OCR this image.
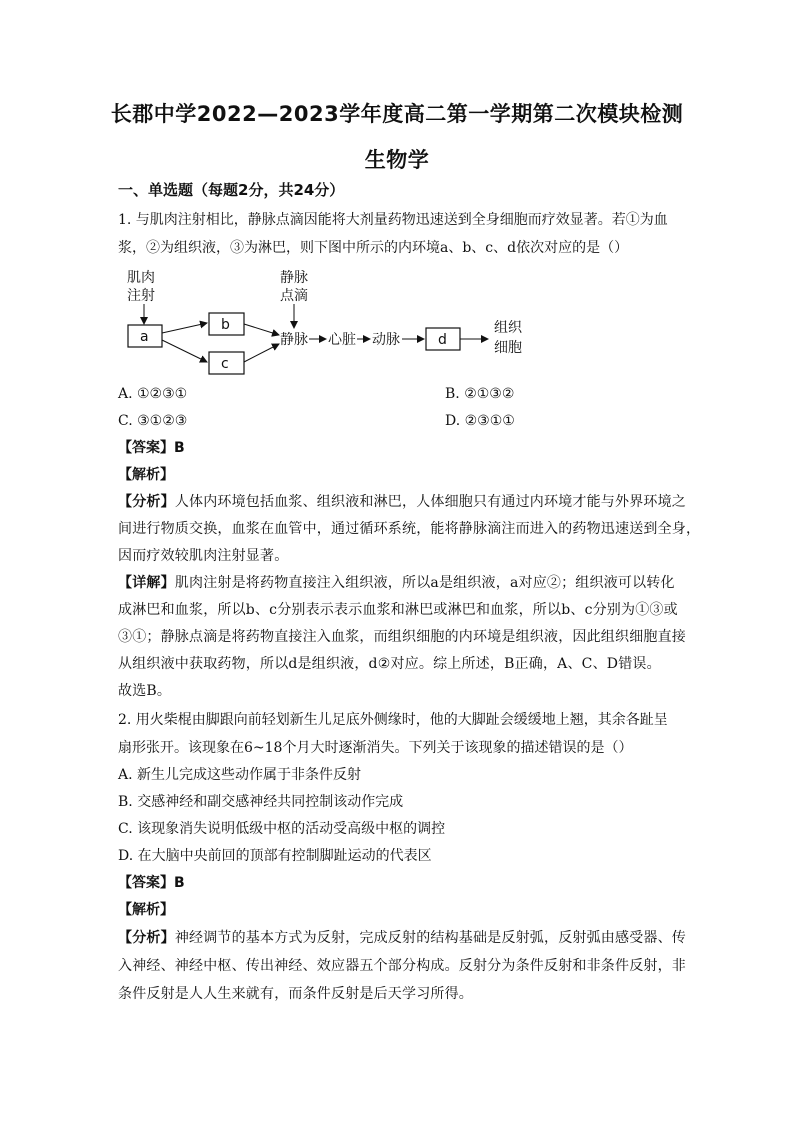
长郡中学2022—2023学年度高二第一学期第二次模块检测
生物学
一、单选题（每题2分，共24分）
1. 与肌肉注射相比，静脉点滴因能将大剂量药物迅速送到全身细胞而疗效显著。若①为血
浆，②为组织液，③为淋巴，则下图中所示的内环境a、b、c、d依次对应的是（）
肌肉
注射
静脉
点滴
a
b
c
静脉 心脏 动脉	d
组织
细胞
A. ①②③①	B. ②①③②
C. ③①②③	D. ②③①①
【答案】B
【解析】
【分析】人体内环境包括血浆、组织液和淋巴，人体细胞只有通过内环境才能与外界环境之
间进行物质交换，血浆在血管中，通过循环系统，能将静脉滴注而进入的药物迅速送到全身，
因而疗效较肌肉注射显著。
【详解】肌肉注射是将药物直接注入组织液，所以a是组织液，a对应②；组织液可以转化
成淋巴和血浆，所以b、c分别表示表示血浆和淋巴或淋巴和血浆，所以b、c分别为①③或
③①；静脉点滴是将药物直接注入血浆，而组织细胞的内环境是组织液，因此组织细胞直接
从组织液中获取药物，所以d是组织液，d②对应。综上所述，B正确，A、C、D错误。
故选B。
2. 用火柴棍由脚跟向前轻划新生儿足底外侧缘时，他的大脚趾会缓缓地上翘，其余各趾呈
扇形张开。该现象在6~18个月大时逐渐消失。下列关于该现象的描述错误的是（）
A. 新生儿完成这些动作属于非条件反射
B. 交感神经和副交感神经共同控制该动作完成
C. 该现象消失说明低级中枢的活动受高级中枢的调控
D. 在大脑中央前回的顶部有控制脚趾运动的代表区
【答案】B
【解析】
【分析】神经调节的基本方式为反射，完成反射的结构基础是反射弧，反射弧由感受器、传
入神经、神经中枢、传出神经、效应器五个部分构成。反射分为条件反射和非条件反射，非
条件反射是人人生来就有，而条件反射是后天学习所得。
